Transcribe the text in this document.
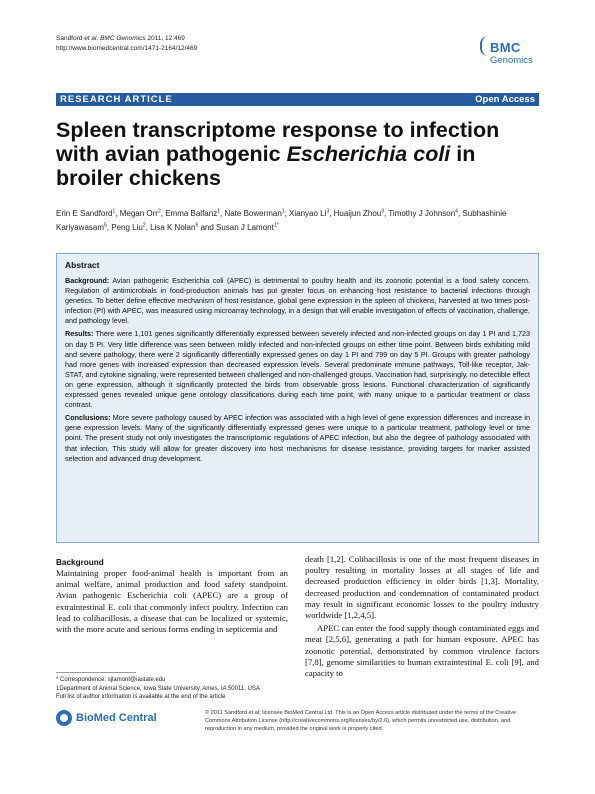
Sandford et al. BMC Genomics 2011, 12:469
http://www.biomedcentral.com/1471-2164/12/469	BMC
Genomics
RESEARCH ARTICLE	Open Access
Spleen transcriptome response to infection with avian pathogenic Escherichia coli in broiler chickens
Erin E Sandford$^1$, Megan Orr$^2$, Emma Balfanz$^1$, Nate Bowerman$^1$, Xianyao Li$^3$, Huaijun Zhou$^3$, Timothy J Johnson$^4$, Subhashinie Kariyawasam$^5$, Peng Liu$^2$, Lisa K Nolan$^6$ and Susan J Lamont$^{1*}$
Abstract

Background: Avian pathogenic Escherichia coli (APEC) is detrimental to poultry health and its zoonotic potential is a food safety concern. Regulation of antimicrobials in food-production animals has put greater focus on enhancing host resistance to bacterial infections through genetics. To better define effective mechanism of host resistance, global gene expression in the spleen of chickens, harvested at two times post-infection (PI) with APEC, was measured using microarray technology, in a design that will enable investigation of effects of vaccination, challenge, and pathology level.

Results: There were 1,101 genes significantly differentially expressed between severely infected and non-infected groups on day 1 PI and 1,723 on day 5 PI. Very little difference was seen between mildly infected and non-infected groups on either time point. Between birds exhibiting mild and severe pathology, there were 2 significantly differentially expressed genes on day 1 PI and 799 on day 5 PI. Groups with greater pathology had more genes with increased expression than decreased expression levels. Several predominate immune pathways, Toll-like receptor, Jak-STAT, and cytokine signaling, were represented between challenged and non-challenged groups. Vaccination had, surprisingly, no detectible effect on gene expression, although it significantly protected the birds from observable gross lesions. Functional characterization of significantly expressed genes revealed unique gene ontology classifications during each time point, with many unique to a particular treatment or class contrast.

Conclusions: More severe pathology caused by APEC infection was associated with a high level of gene expression differences and increase in gene expression levels. Many of the significantly differentially expressed genes were unique to a particular treatment, pathology level or time point. The present study not only investigates the transcriptomic regulations of APEC infection, but also the degree of pathology associated with that infection. This study will allow for greater discovery into host mechanisms for disease resistance, providing targets for marker assisted selection and advanced drug development.

Background
Maintaining proper food-animal health is important from an animal welfare, animal production and food safety standpoint. Avian pathogenic Escherichia coli (APEC) are a group of extraintestinal E. coli that commonly infect poultry. Infection can lead to colibacillosis, a disease that can be localized or systemic, with the more acute and serious forms ending in septicemia and

death [1,2]. Colibacillosis is one of the most frequent diseases in poultry resulting in mortality losses at all stages of life and decreased production efficiency in older birds [1,3]. Mortality, decreased production and condemnation of contaminated product may result in significant economic losses to the poultry industry worldwide [1,2,4,5].

APEC can enter the food supply though contaminated eggs and meat [2,5,6], generating a path for human exposure. APEC has zoonotic potential, demonstrated by common virulence factors [7,8], genome similarities to human extraintestinal E. coli [9], and capacity to

* Correspondence: sjlamont@iastate.edu
1Department of Animal Science, Iowa State University, Ames, IA 50011, USA
Full list of author information is available at the end of the article
BioMed Central	© 2011 Sandford et al; licensee BioMed Central Ltd. This is an Open Access article distributed under the terms of the Creative Commons Attribution License (http://creativecommons.org/licenses/by/2.0), which permits unrestricted use, distribution, and reproduction in any medium, provided the original work is properly cited.
